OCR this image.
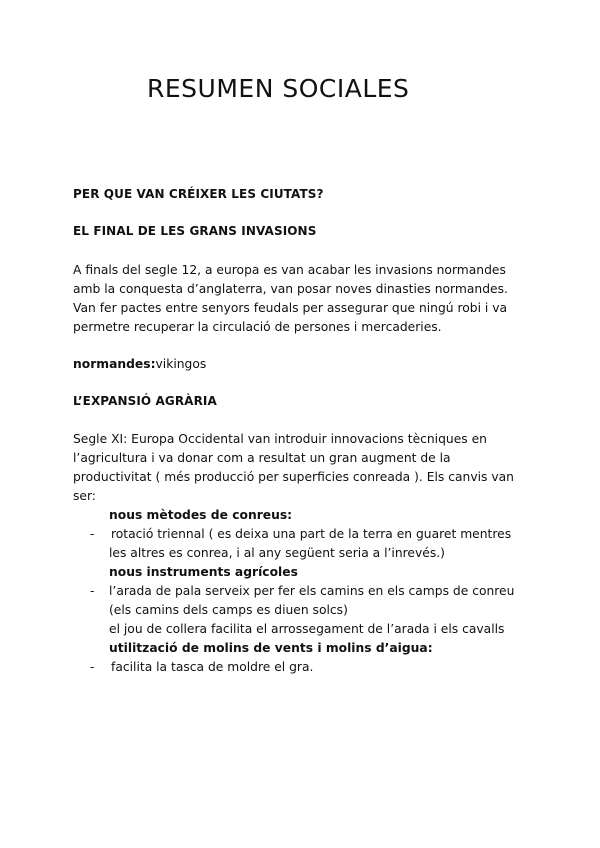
RESUMEN SOCIALES
PER QUE VAN CRÉIXER LES CIUTATS?
EL FINAL DE LES GRANS INVASIONS

A finals del segle 12, a europa es van acabar les invasions normandes

amb la conquesta d’anglaterra, van posar noves dinasties normandes.

Van fer pactes entre senyors feudals per assegurar que ningú robi i va

permetre recuperar la circulació de persones i mercaderies.

normandes:vikingos

L’EXPANSIÓ AGRÀRIA

Segle XI: Europa Occidental van introduir innovacions tècniques en

l’agricultura i va donar com a resultat un gran augment de la

productivitat ( més producció per superficies conreada ). Els canvis van

ser:

nous mètodes de conreus:

- rotació triennal ( es deixa una part de la terra en guaret mentres

les altres es conrea, i al any següent seria a l’inrevés.)

nous instruments agrícoles

- l’arada de pala serveix per fer els camins en els camps de conreu

(els camins dels camps es diuen solcs)

el jou de collera facilita el arrossegament de l’arada i els cavalls

utilització de molins de vents i molins d’aigua:

- facilita la tasca de moldre el gra.
